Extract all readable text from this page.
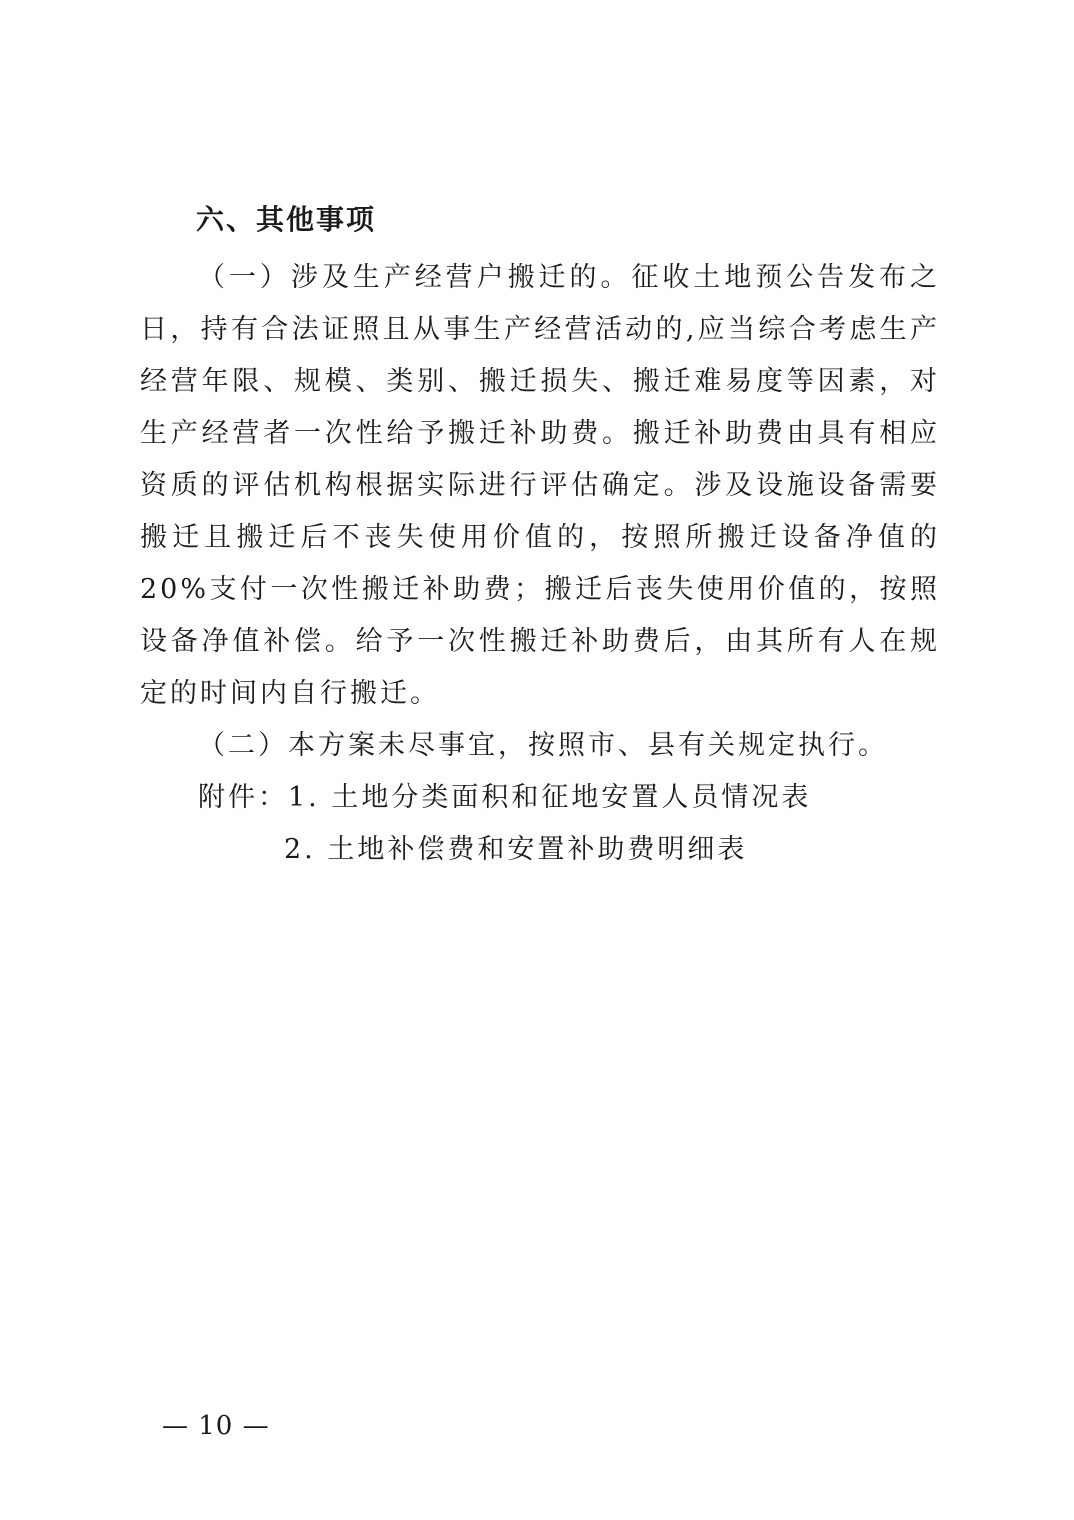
六、其他事项

（一）涉及生产经营户搬迁的。征收土地预公告发布之日，持有合法证照且从事生产经营活动的,应当综合考虑生产经营年限、规模、类别、搬迁损失、搬迁难易度等因素，对生产经营者一次性给予搬迁补助费。搬迁补助费由具有相应资质的评估机构根据实际进行评估确定。涉及设施设备需要搬迁且搬迁后不丧失使用价值的，按照所搬迁设备净值的 20%支付一次性搬迁补助费；搬迁后丧失使用价值的，按照设备净值补偿。给予一次性搬迁补助费后，由其所有人在规定的时间内自行搬迁。

（二）本方案未尽事宜，按照市、县有关规定执行。

附件：1. 土地分类面积和征地安置人员情况表

2. 土地补偿费和安置补助费明细表

— 10 —
